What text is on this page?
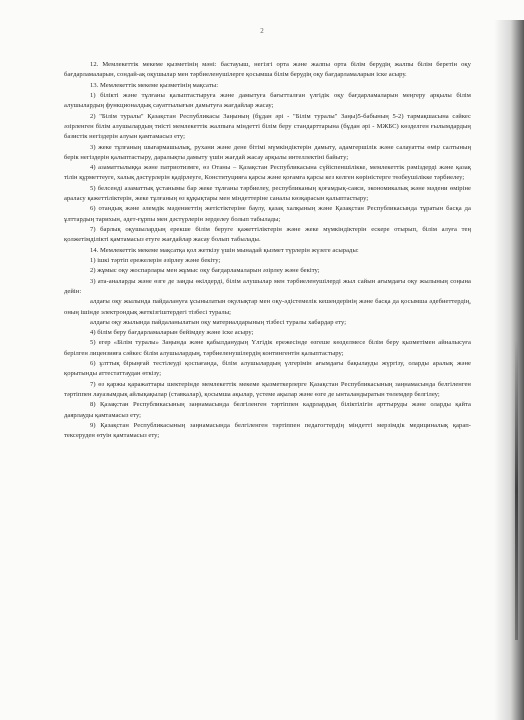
2

12. Мемлекеттік мекеме қызметінің мәні: бастауыш, негізгі орта және жалпы орта білім берудің жалпы білім беретін оқу бағдарламаларын, сондай-ақ оқушылар мен тәрбиеленушілерге қосымша білім берудің оқу бағдарламаларын іске асыру.

13. Мемлекеттік мекеме қызметінің мақсаты:

1) білікті және тұлғаны қалыптастыруға және дамытуға бағытталған үлгідік оқу бағдарламаларын меңгеру арқылы білім алушылардың функционалдық сауаттылығын дамытуға жағдайлар жасау;

2) "Білім туралы" Қазақстан Республикасы Заңының (бұдан әрі - "Білім туралы" Заңы)5-бабының 5-2) тармақшасына сәйкес әзірленген білім алушылардың тиісті мемлекеттік жалпыға міндетті білім беру стандарттарына (бұдан әрі - МЖБС) көзделген ғылымдардың базистік негіздерін алуын қамтамасыз ету;

3) жеке тұлғаның шығармашылық, рухани және дене бітімі мүмкіндіктерін дамыту, адамгершілік және салауатты өмір салтының берік негіздерін қалыптастыру, даралықты дамыту үшін жағдай жасау арқылы интеллектіні байыту;

4) азаматтылыққа және патриотизмге, өз Отаны – Қазақстан Республикасына сүйіспеншілікке, мемлекеттік рәміздерді және қазақ тілін құрметтеуге, халық дәстүрлерін қадірлеуге, Конституцияға қарсы және қоғамға қарсы кез келген көріністерге төзбеушілікке тәрбиелеу;

5) белсенді азаматтық ұстанымы бар жеке тұлғаны тәрбиелеу, республиканың қоғамдық-саяси, экономикалық және мәдени өміріне араласу қажеттіліктерін, жеке тұлғаның өз құқықтары мен міндеттеріне саналы көзқарасын қалыптастыру;

6) отандық және әлемдік мәдениеттің жетістіктеріне баулу, қазақ халқының және Қазақстан Республикасында тұратын басқа да ұлттардың тарихын, әдет-ғұрпы мен дәстүрлерін зерделеу болып табылады;

7) барлық оқушылардың ерекше білім беруге қажеттіліктерін және жеке мүмкіндіктерін ескере отырып, білім алуға тең қолжетімділікті қамтамасыз етуге жағдайлар жасау болып табылады.

14. Мемлекеттік мекеме мақсатқа қол жеткізу үшін мынадай қызмет түрлерін жүзеге асырады:

1) ішкі тәртіп ережелерін әзірлеу және бекіту;

2) жұмыс оқу жоспарлары мен жұмыс оқу бағдарламаларын әзірлеу және бекіту;

3) ата-аналарды және өзге де заңды өкілдерді, білім алушылар мен тәрбиеленушілерді жыл сайын ағымдағы оқу жылының соңына дейін:

алдағы оқу жылында пайдалануға ұсынылатын оқулықтар мен оқу-әдістемелік кешендерінің және басқа да қосымша әдебиеттердің, оның ішінде электрондық жеткізгіштердегі тізбесі туралы;

алдағы оқу жылында пайдаланылатын оқу материалдарының тізбесі туралы хабардар ету;

4) білім беру бағдарламаларын бейімдеу және іске асыру;

5) егер «Білім туралы» Заңында және қабылданудың Үлгідік ережесінде өзгеше көзделмесе білім беру қызметімен айналысуға берілген лицензияға сәйкес білім алушылардың, тәрбиеленушілердің контингентін қалыптастыру;

6) ұлттық бірыңғай тестілеуді қоспағанда, білім алушылардың үлгерімін ағымдағы бақылауды жүргізу, оларды аралық және қорытынды аттестаттаудан өткізу;

7) өз қаржы қаражаттары шектерінде мемлекеттік мекеме қызметкерлерге Қазақстан Республикасының заңнамасында белгіленген тәртіппен лауазымдық айлықақылар (ставкалар), қосымша ақылар, үстеме ақылар және өзге де ынталандыратын төлемдер белгілеу;

8) Қазақстан Республикасының заңнамасында белгіленген тәртіппен кадрлардың біліктілігін арттыруды және оларды қайта даярлауды қамтамасыз ету;

9) Қазақстан Республикасының заңнамасында белгіленген тәртіппен педагогтердің міндетті мерзімдік медициналық қарап-тексеруден өтуін қамтамасыз ету;
